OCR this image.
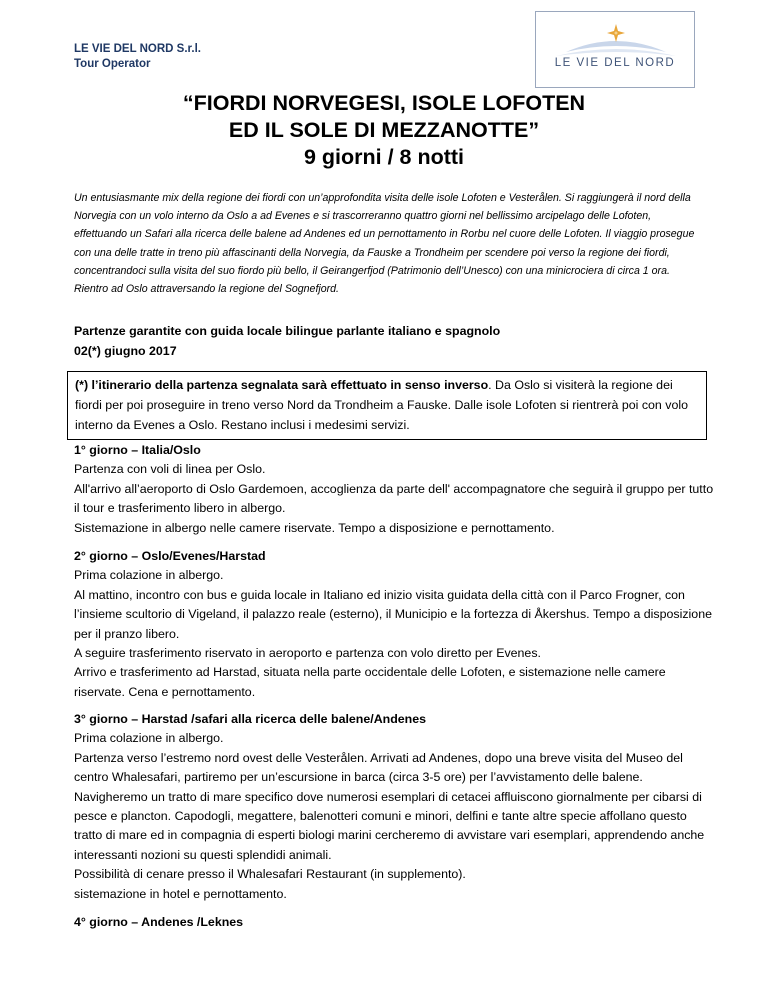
LE VIE DEL NORD S.r.l.
Tour Operator	LE VIE DEL NORD
“FIORDI NORVEGESI, ISOLE LOFOTEN
ED IL SOLE DI MEZZANOTTE”
9 giorni / 8 notti
Un entusiasmante mix della regione dei fiordi con un’approfondita visita delle isole Lofoten e Vesterålen. Si raggiungerà il nord della Norvegia con un volo interno da Oslo a ad Evenes e si trascorreranno quattro giorni nel bellissimo arcipelago delle Lofoten, effettuando un Safari alla ricerca delle balene ad Andenes ed un pernottamento in Rorbu nel cuore delle Lofoten. Il viaggio prosegue con una delle tratte in treno più affascinanti della Norvegia, da Fauske a Trondheim per scendere poi verso la regione dei fiordi, concentrandoci sulla visita del suo fiordo più bello, il Geirangerfjod (Patrimonio dell’Unesco) con una minicrociera di circa 1 ora. Rientro ad Oslo attraversando la regione del Sognefjord.
Partenze garantite con guida locale bilingue parlante italiano e spagnolo
02(*) giugno 2017
(*) l’itinerario della partenza segnalata sarà effettuato in senso inverso. Da Oslo si visiterà la regione dei fiordi per poi proseguire in treno verso Nord da Trondheim a Fauske. Dalle isole Lofoten si rientrerà poi con volo interno da Evenes a Oslo. Restano inclusi i medesimi servizi.
1° giorno – Italia/Oslo

Partenza con voli di linea per Oslo.

All'arrivo all’aeroporto di Oslo Gardemoen, accoglienza da parte dell' accompagnatore che seguirà il gruppo per tutto il tour e trasferimento libero in albergo.

Sistemazione in albergo nelle camere riservate. Tempo a disposizione e pernottamento.

2° giorno – Oslo/Evenes/Harstad

Prima colazione in albergo.

Al mattino, incontro con bus e guida locale in Italiano ed inizio visita guidata della città con il Parco Frogner, con l’insieme scultorio di Vigeland, il palazzo reale (esterno), il Municipio e la fortezza di Åkershus. Tempo a disposizione per il pranzo libero.

A seguire trasferimento riservato in aeroporto e partenza con volo diretto per Evenes.

Arrivo e trasferimento ad Harstad, situata nella parte occidentale delle Lofoten, e sistemazione nelle camere riservate. Cena e pernottamento.

3° giorno – Harstad /safari alla ricerca delle balene/Andenes

Prima colazione in albergo.

Partenza verso l’estremo nord ovest delle Vesterålen. Arrivati ad Andenes, dopo una breve visita del Museo del centro Whalesafari, partiremo per un’escursione in barca (circa 3-5 ore) per l’avvistamento delle balene. Navigheremo un tratto di mare specifico dove numerosi esemplari di cetacei affluiscono giornalmente per cibarsi di pesce e plancton. Capodogli, megattere, balenotteri comuni e minori, delfini e tante altre specie affollano questo tratto di mare ed in compagnia di esperti biologi marini cercheremo di avvistare vari esemplari, apprendendo anche interessanti nozioni su questi splendidi animali.

Possibilità di cenare presso il Whalesafari Restaurant (in supplemento).

sistemazione in hotel e pernottamento.

4° giorno – Andenes /Leknes
